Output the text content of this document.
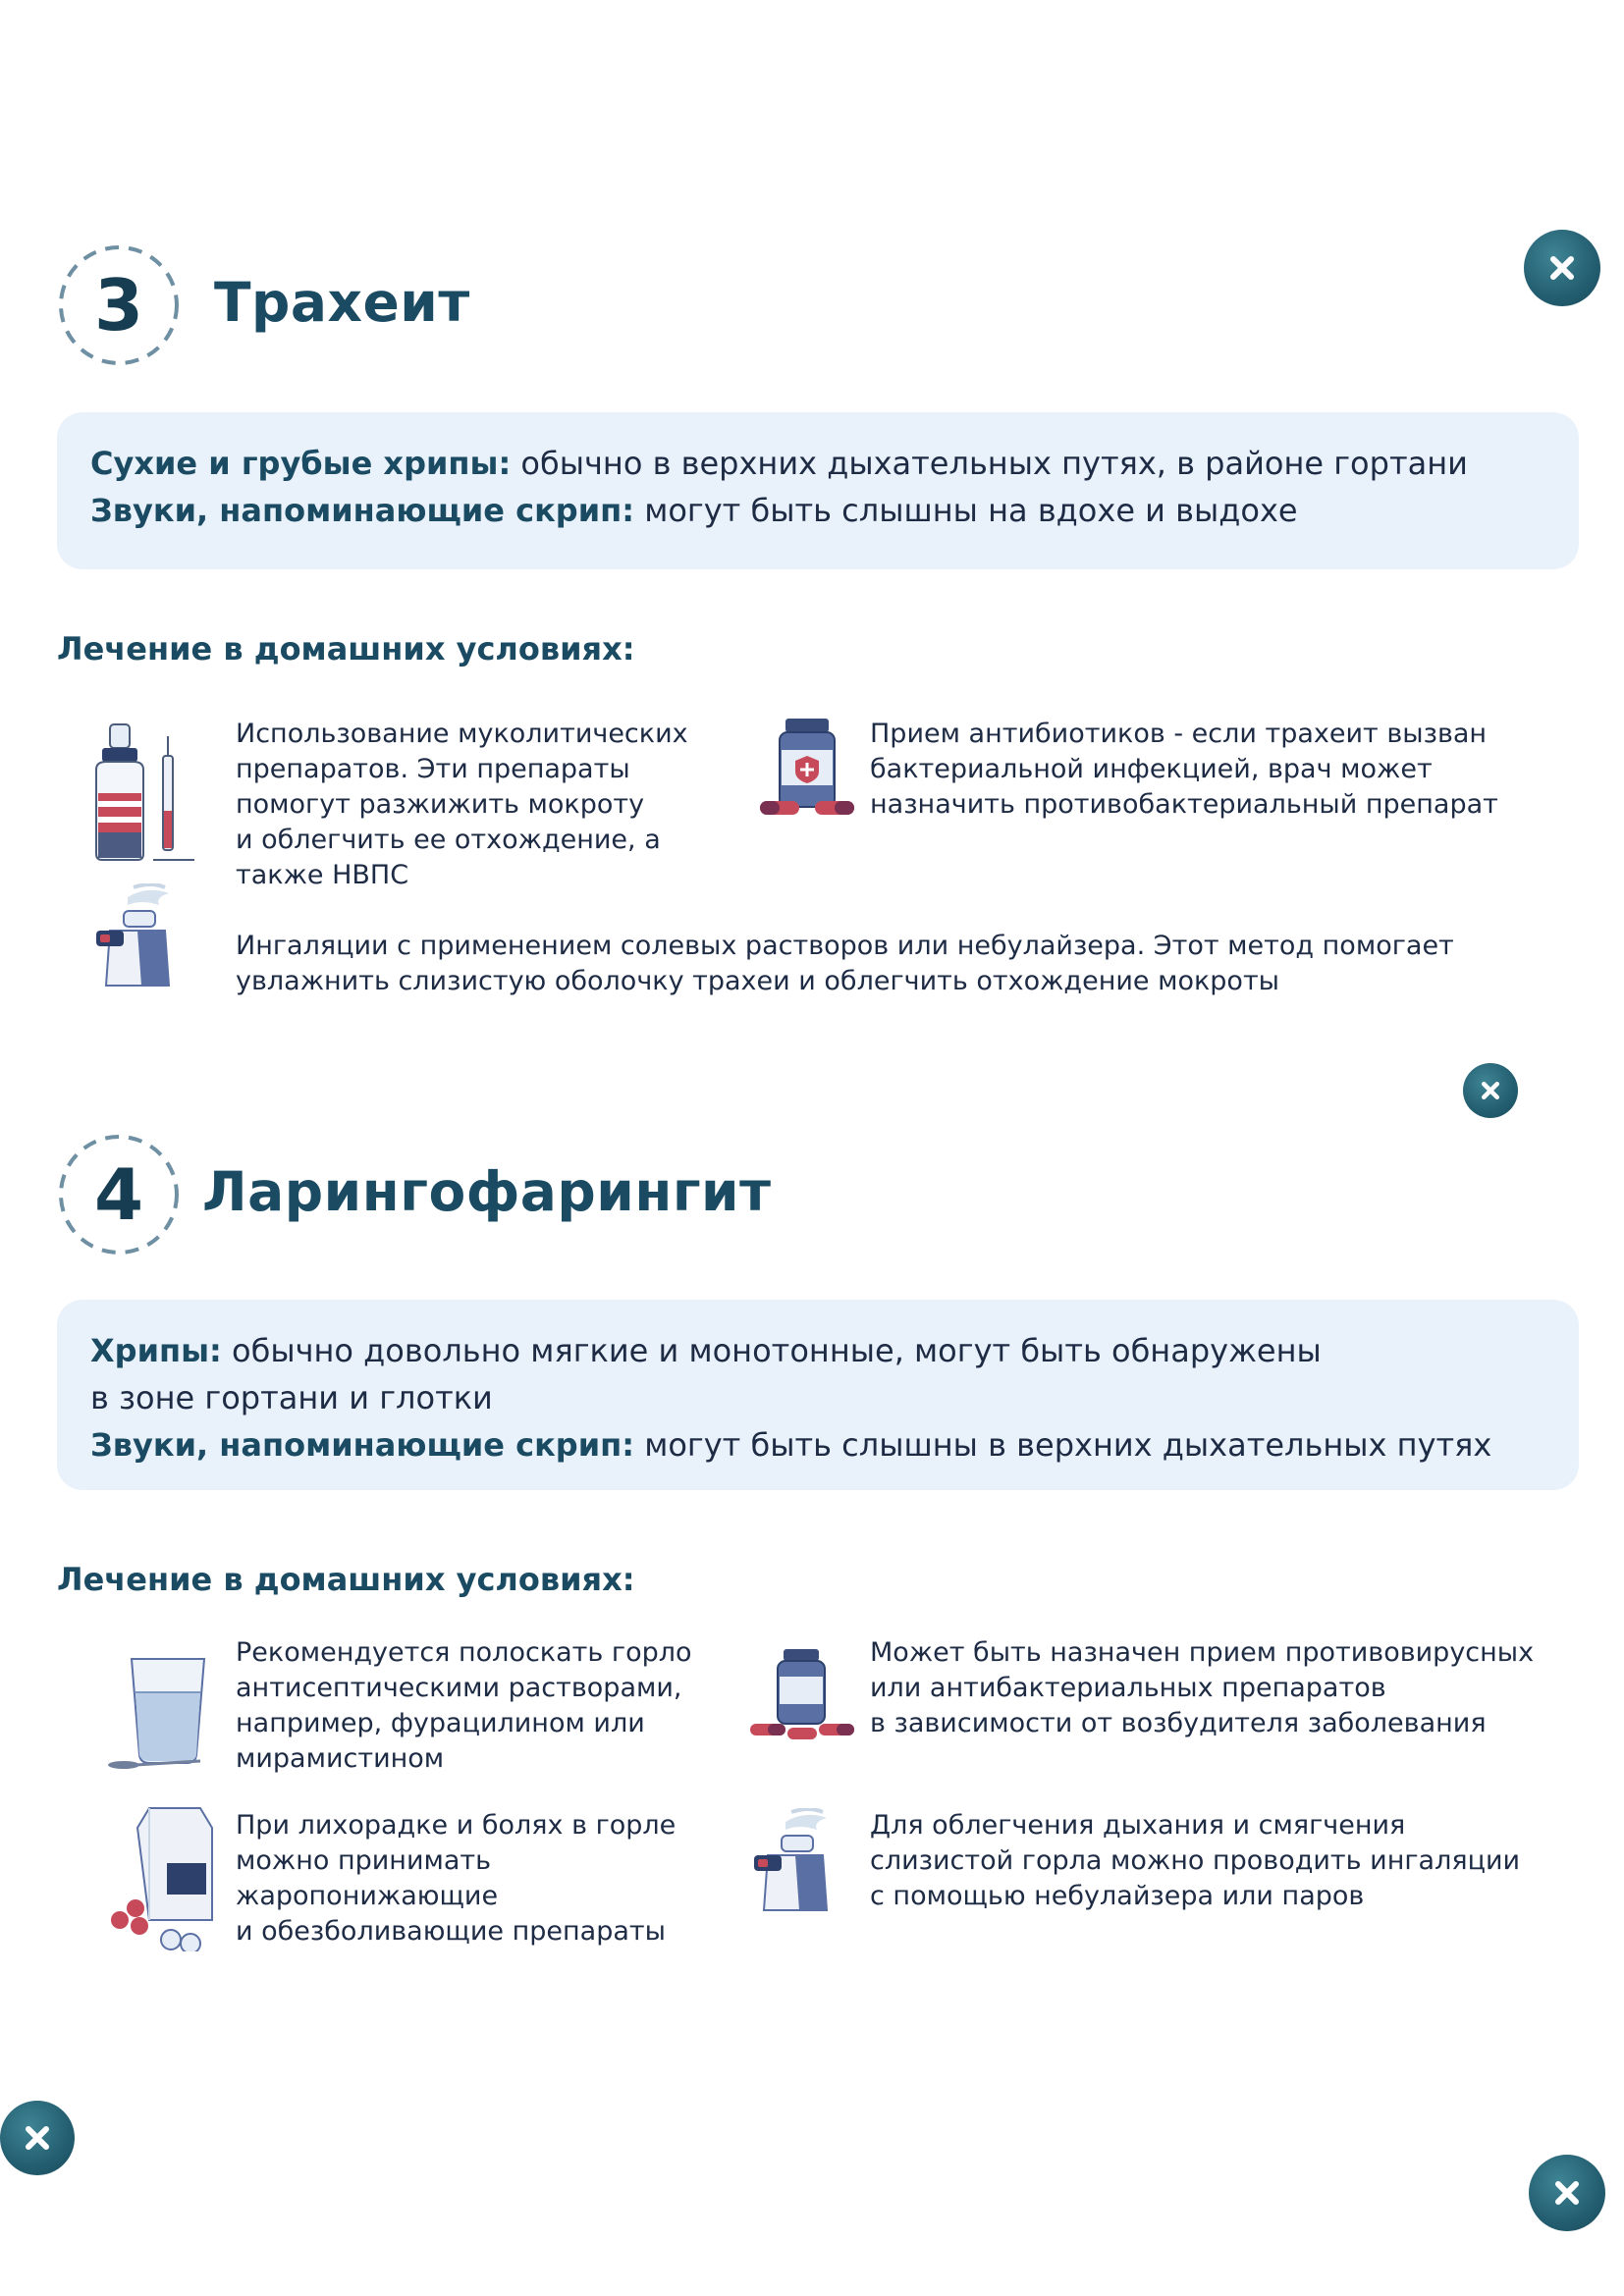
3	Трахеит
Сухие и грубые хрипы: обычно в верхних дыхательных путях, в районе гортани
Звуки, напоминающие скрип: могут быть слышны на вдохе и выдохе
Лечение в домашних условиях:
Использование муколитических
препаратов. Эти препараты
помогут разжижить мокроту
и облегчить ее отхождение, а
также НВПС
Прием антибиотиков - если трахеит вызван
бактериальной инфекцией, врач может
назначить противобактериальный препарат
Ингаляции с применением солевых растворов или небулайзера. Этот метод помогает
увлажнить слизистую оболочку трахеи и облегчить отхождение мокроты
4	Ларингофарингит
Хрипы: обычно довольно мягкие и монотонные, могут быть обнаружены
в зоне гортани и глотки
Звуки, напоминающие скрип: могут быть слышны в верхних дыхательных путях
Лечение в домашних условиях:
Рекомендуется полоскать горло
антисептическими растворами,
например, фурацилином или
мирамистином
Может быть назначен прием противовирусных
или антибактериальных препаратов
в зависимости от возбудителя заболевания
При лихорадке и болях в горле
можно принимать
жаропонижающие
и обезболивающие препараты
Для облегчения дыхания и смягчения
слизистой горла можно проводить ингаляции
с помощью небулайзера или паров
